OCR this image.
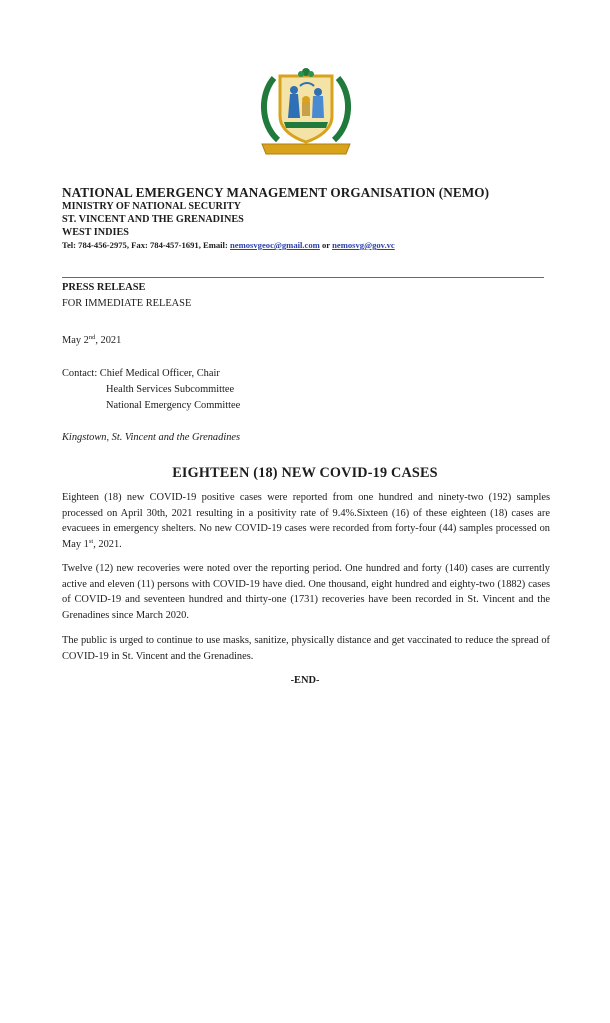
NATIONAL EMERGENCY MANAGEMENT ORGANISATION (NEMO)
MINISTRY OF NATIONAL SECURITY
ST. VINCENT AND THE GRENADINES
WEST INDIES
Tel: 784-456-2975, Fax: 784-457-1691, Email: nemosvgeoc@gmail.com or nemosvg@gov.vc
PRESS RELEASE
FOR IMMEDIATE RELEASE
May 2nd, 2021
Contact: Chief Medical Officer, Chair
Health Services Subcommittee
National Emergency Committee
Kingstown, St. Vincent and the Grenadines
EIGHTEEN (18) NEW COVID-19 CASES
Eighteen (18) new COVID-19 positive cases were reported from one hundred and ninety-two (192) samples processed on April 30th, 2021 resulting in a positivity rate of 9.4%.Sixteen (16) of these eighteen (18) cases are evacuees in emergency shelters. No new COVID-19 cases were recorded from forty-four (44) samples processed on May 1st, 2021.
Twelve (12) new recoveries were noted over the reporting period. One hundred and forty (140) cases are currently active and eleven (11) persons with COVID-19 have died. One thousand, eight hundred and eighty-two (1882) cases of COVID-19 and seventeen hundred and thirty-one (1731) recoveries have been recorded in St. Vincent and the Grenadines since March 2020.
The public is urged to continue to use masks, sanitize, physically distance and get vaccinated to reduce the spread of COVID-19 in St. Vincent and the Grenadines.
-END-
